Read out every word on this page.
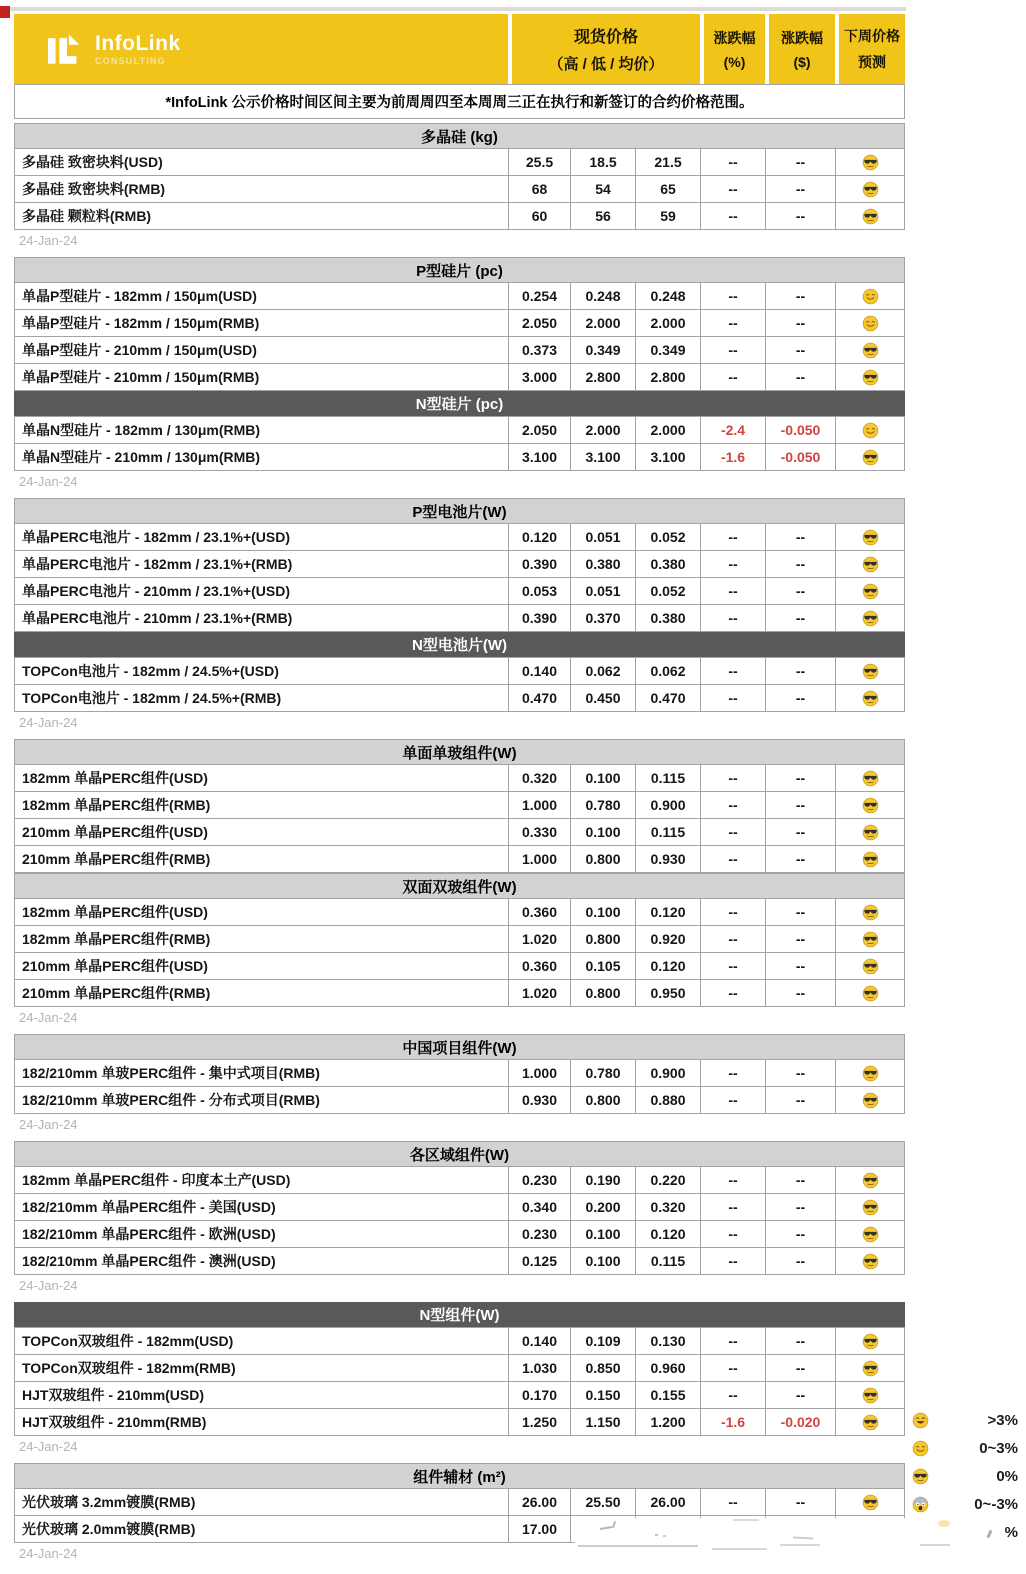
InfoLink
CONSULTING
现货价格
（高 / 低 / 均价）
涨跌幅
(%)
涨跌幅
($)
下周价格
预测
*InfoLink 公示价格时间区间主要为前周周四至本周周三正在执行和新签订的合约价格范围。
多晶硅 (kg)
多晶硅 致密块料(USD)	25.5	18.5	21.5	--	--
多晶硅 致密块料(RMB)	68	54	65	--	--
多晶硅 颗粒料(RMB)	60	56	59	--	--
24-Jan-24
P型硅片 (pc)
单晶P型硅片 - 182mm / 150μm(USD)	0.254	0.248	0.248	--	--
单晶P型硅片 - 182mm / 150μm(RMB)	2.050	2.000	2.000	--	--
单晶P型硅片 - 210mm / 150μm(USD)	0.373	0.349	0.349	--	--
单晶P型硅片 - 210mm / 150μm(RMB)	3.000	2.800	2.800	--	--
N型硅片 (pc)
单晶N型硅片 - 182mm / 130μm(RMB)	2.050	2.000	2.000	-2.4	-0.050
单晶N型硅片 - 210mm / 130μm(RMB)	3.100	3.100	3.100	-1.6	-0.050
24-Jan-24
P型电池片(W)
单晶PERC电池片 - 182mm / 23.1%+(USD)	0.120	0.051	0.052	--	--
单晶PERC电池片 - 182mm / 23.1%+(RMB)	0.390	0.380	0.380	--	--
单晶PERC电池片 - 210mm / 23.1%+(USD)	0.053	0.051	0.052	--	--
单晶PERC电池片 - 210mm / 23.1%+(RMB)	0.390	0.370	0.380	--	--
N型电池片(W)
TOPCon电池片 - 182mm / 24.5%+(USD)	0.140	0.062	0.062	--	--
TOPCon电池片 - 182mm / 24.5%+(RMB)	0.470	0.450	0.470	--	--
24-Jan-24
单面单玻组件(W)
182mm 单晶PERC组件(USD)	0.320	0.100	0.115	--	--
182mm 单晶PERC组件(RMB)	1.000	0.780	0.900	--	--
210mm 单晶PERC组件(USD)	0.330	0.100	0.115	--	--
210mm 单晶PERC组件(RMB)	1.000	0.800	0.930	--	--
双面双玻组件(W)
182mm 单晶PERC组件(USD)	0.360	0.100	0.120	--	--
182mm 单晶PERC组件(RMB)	1.020	0.800	0.920	--	--
210mm 单晶PERC组件(USD)	0.360	0.105	0.120	--	--
210mm 单晶PERC组件(RMB)	1.020	0.800	0.950	--	--
24-Jan-24
中国项目组件(W)
182/210mm 单玻PERC组件 - 集中式项目(RMB)	1.000	0.780	0.900	--	--
182/210mm 单玻PERC组件 - 分布式项目(RMB)	0.930	0.800	0.880	--	--
24-Jan-24
各区域组件(W)
182mm 单晶PERC组件 - 印度本土产(USD)	0.230	0.190	0.220	--	--
182/210mm 单晶PERC组件 - 美国(USD)	0.340	0.200	0.320	--	--
182/210mm 单晶PERC组件 - 欧洲(USD)	0.230	0.100	0.120	--	--
182/210mm 单晶PERC组件 - 澳洲(USD)	0.125	0.100	0.115	--	--
24-Jan-24
N型组件(W)
TOPCon双玻组件 - 182mm(USD)	0.140	0.109	0.130	--	--
TOPCon双玻组件 - 182mm(RMB)	1.030	0.850	0.960	--	--
HJT双玻组件 - 210mm(USD)	0.170	0.150	0.155	--	--
HJT双玻组件 - 210mm(RMB)	1.250	1.150	1.200	-1.6	-0.020
24-Jan-24
组件辅材 (m²)
光伏玻璃 3.2mm镀膜(RMB)	26.00	25.50	26.00	--	--
光伏玻璃 2.0mm镀膜(RMB)	17.00
24-Jan-24
>3%
0~3%
0%
0~-3%
%
